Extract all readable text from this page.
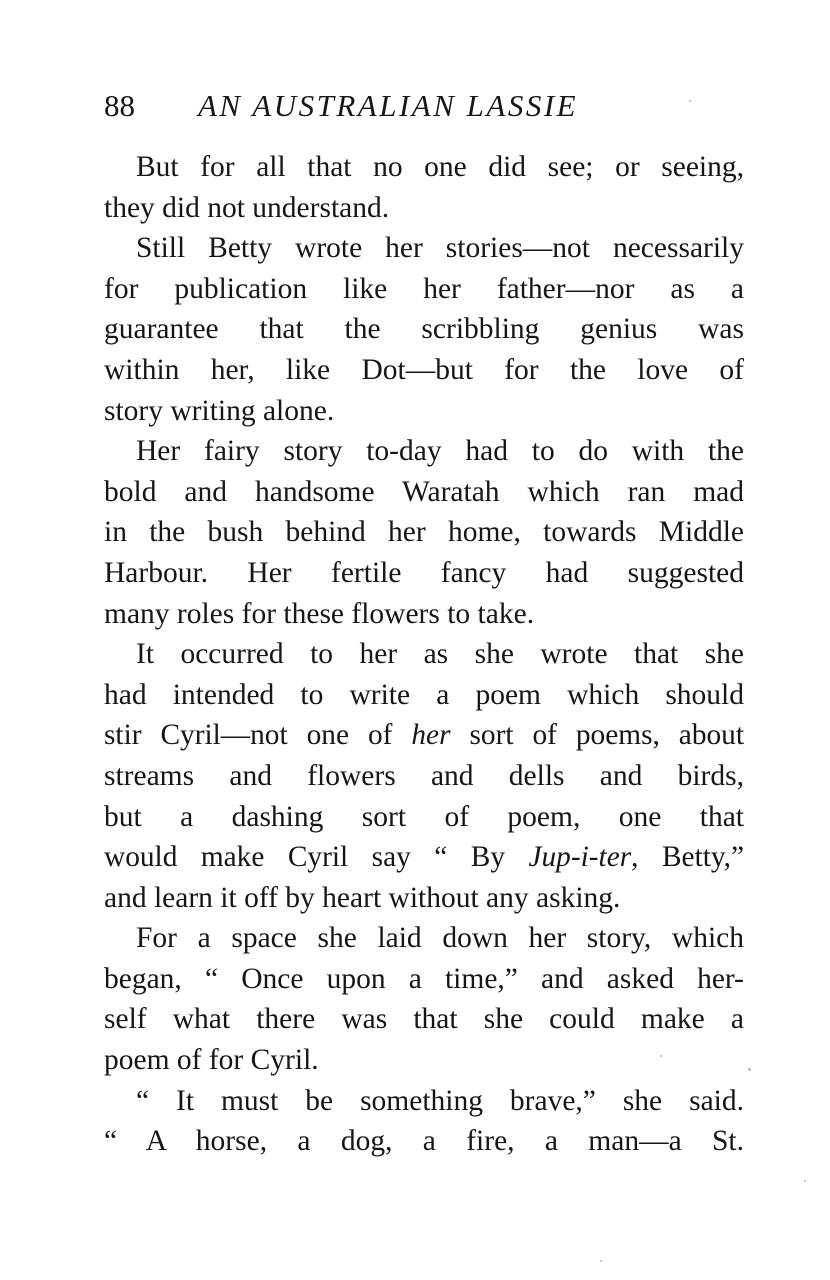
88 AN AUSTRALIAN LASSIE
But for all that no one did see; or seeing,
they did not understand.
Still Betty wrote her stories—not necessarily
for publication like her father—nor as a
guarantee that the scribbling genius was
within her, like Dot—but for the love of
story writing alone.
Her fairy story to-day had to do with the
bold and handsome Waratah which ran mad
in the bush behind her home, towards Middle
Harbour. Her fertile fancy had suggested
many roles for these flowers to take.
It occurred to her as she wrote that she
had intended to write a poem which should
stir Cyril—not one of her sort of poems, about
streams and flowers and dells and birds,
but a dashing sort of poem, one that
would make Cyril say “ By Jup-i-ter, Betty,”
and learn it off by heart without any asking.
For a space she laid down her story, which
began, “ Once upon a time,” and asked her-
self what there was that she could make a
poem of for Cyril.
“ It must be something brave,” she said.
“ A horse, a dog, a fire, a man—a St.
